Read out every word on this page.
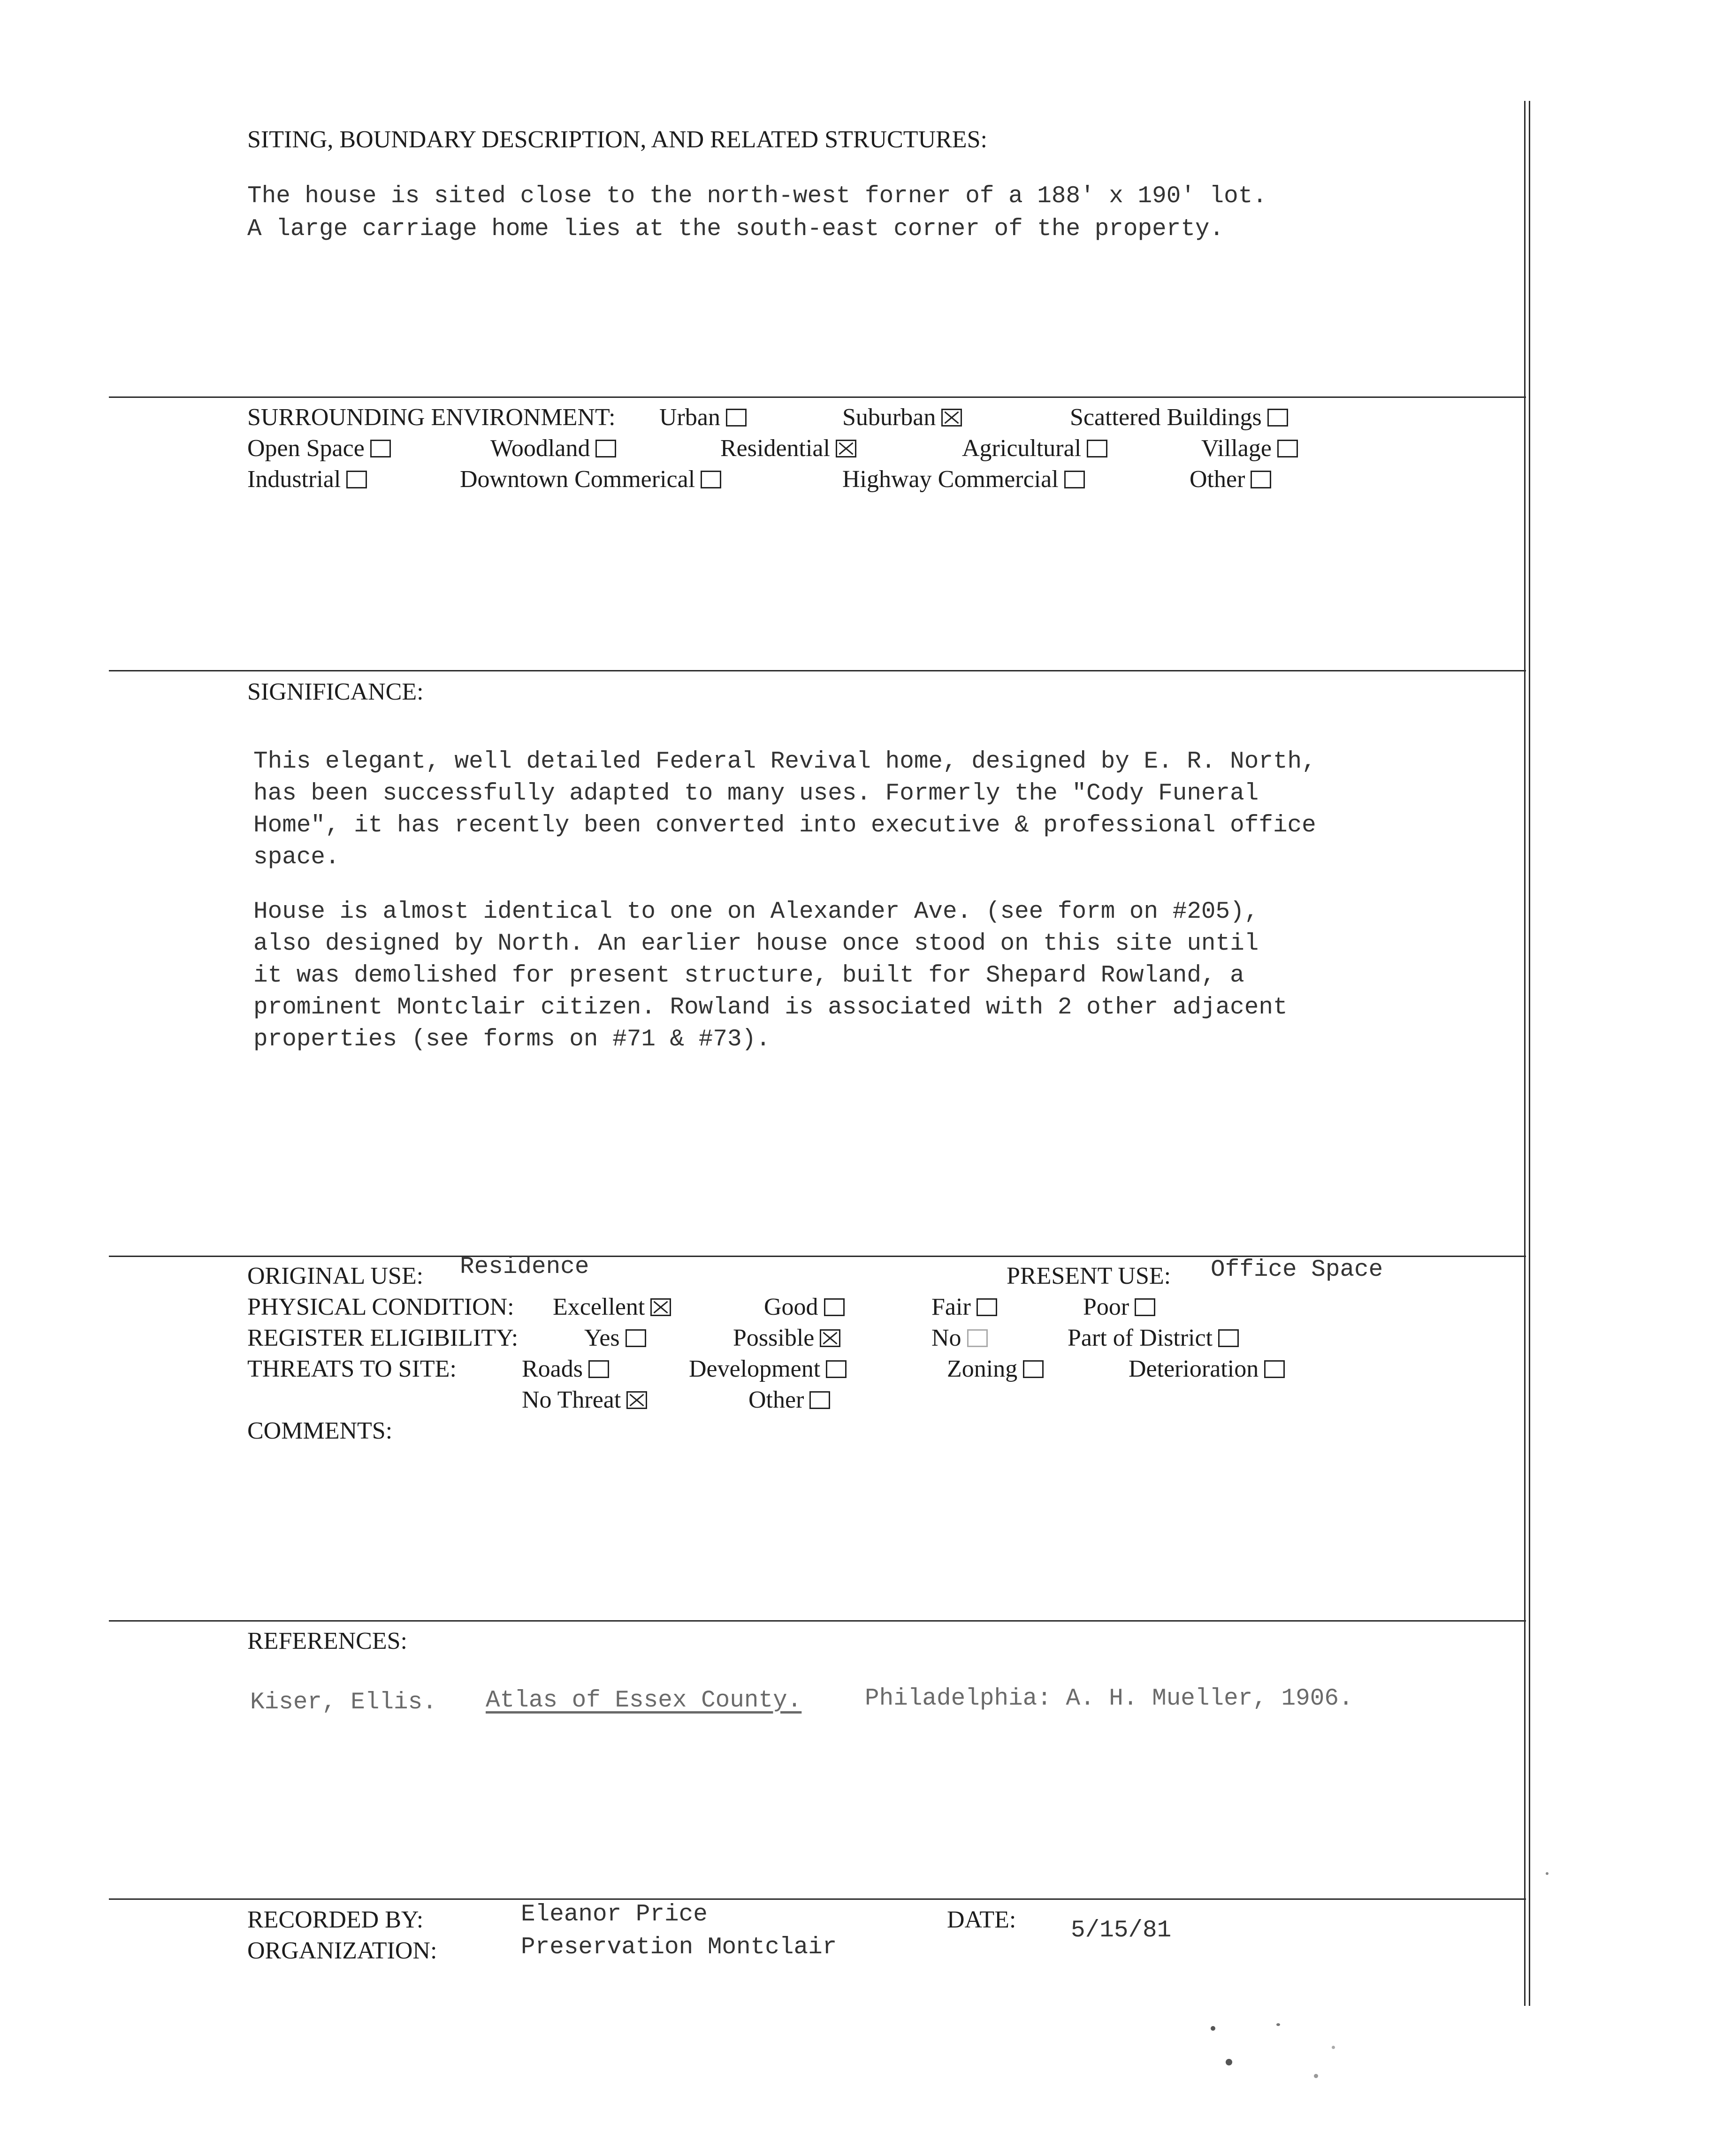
SITING, BOUNDARY DESCRIPTION, AND RELATED STRUCTURES:
The house is sited close to the north-west forner of a 188' x 190' lot.
A large carriage home lies at the south-east corner of the property.
SURROUNDING ENVIRONMENT: Urban	Suburban	Scattered Buildings
Open Space	Woodland	Residential	Agricultural	Village
Industrial	Downtown Commerical	Highway Commercial	Other
SIGNIFICANCE:
This elegant, well detailed Federal Revival home, designed by E. R. North,
has been successfully adapted to many uses. Formerly the "Cody Funeral
Home", it has recently been converted into executive & professional office
space.
House is almost identical to one on Alexander Ave. (see form on #205),
also designed by North. An earlier house once stood on this site until
it was demolished for present structure, built for Shepard Rowland, a
prominent Montclair citizen. Rowland is associated with 2 other adjacent
properties (see forms on #71 & #73).
ORIGINAL USE: Residence	PRESENT USE: Office Space
PHYSICAL CONDITION: Excellent	Good	Fair	Poor
REGISTER ELIGIBILITY:	Yes	Possible	No	Part of District
THREATS TO SITE:	Roads	Development	Zoning	Deterioration
No Threat	Other
COMMENTS:
REFERENCES:
Kiser, Ellis. Atlas of Essex County.	Philadelphia: A. H. Mueller, 1906.
RECORDED BY:	Eleanor Price
ORGANIZATION:	Preservation Montclair
DATE: 5/15/81
